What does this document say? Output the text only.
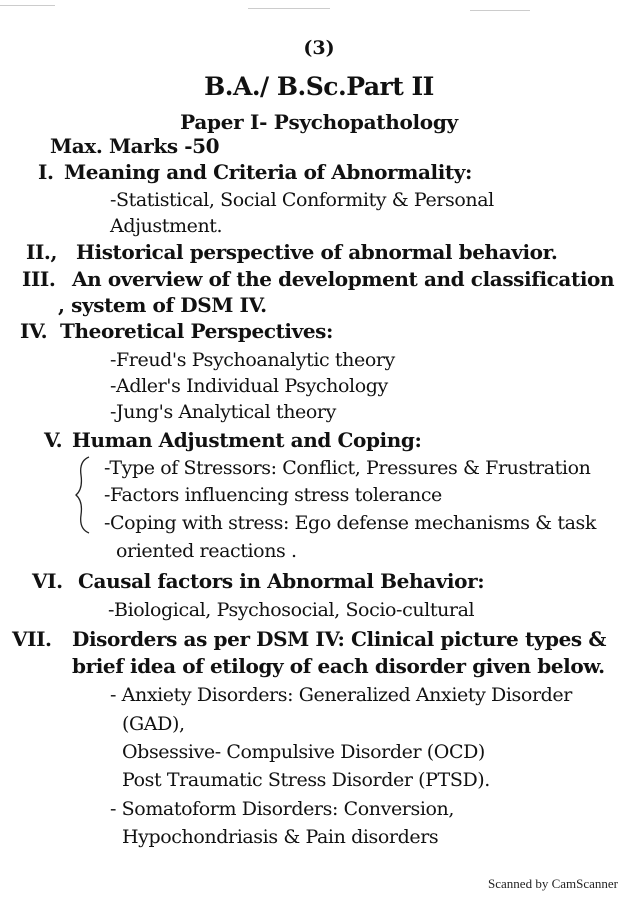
(3)
B.A./ B.Sc.Part II
Paper I- Psychopathology
Max. Marks -50
I. Meaning and Criteria of Abnormality:
-Statistical, Social Conformity & Personal
Adjustment.
II., Historical perspective of abnormal behavior.
III. An overview of the development and classification
, system of DSM IV.
IV. Theoretical Perspectives:
-Freud's Psychoanalytic theory
-Adler's Individual Psychology
-Jung's Analytical theory
V. Human Adjustment and Coping:
-Type of Stressors: Conflict, Pressures & Frustration
-Factors influencing stress tolerance
-Coping with stress: Ego defense mechanisms & task
oriented reactions .
VI. Causal factors in Abnormal Behavior:
-Biological, Psychosocial, Socio-cultural
VII. Disorders as per DSM IV: Clinical picture types &
brief idea of etilogy of each disorder given below.
- Anxiety Disorders: Generalized Anxiety Disorder
(GAD),
Obsessive- Compulsive Disorder (OCD)
Post Traumatic Stress Disorder (PTSD).
- Somatoform Disorders: Conversion,
Hypochondriasis & Pain disorders
Scanned by CamScanner
